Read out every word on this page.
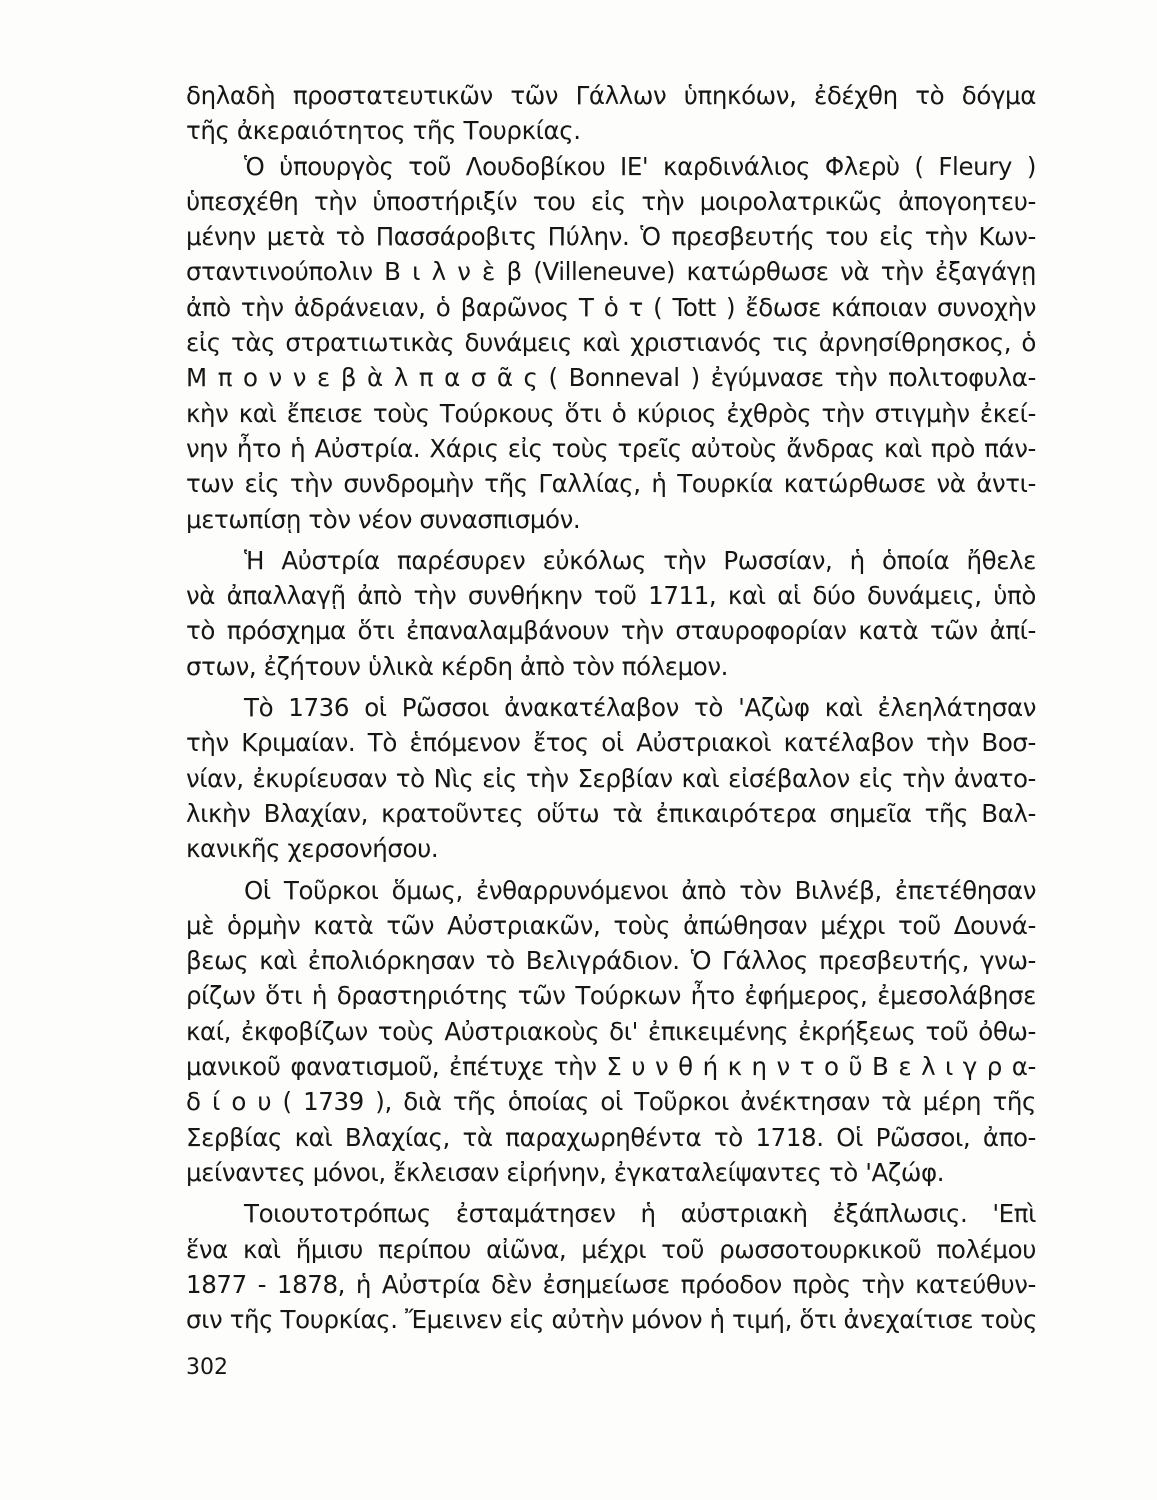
δηλαδὴ προστατευτικῶν τῶν Γάλλων ὑπηκόων, ἐδέχθη τὸ δόγμα
τῆς ἀκεραιότητος τῆς Τουρκίας.
Ὁ ὑπουργὸς τοῦ Λουδοβίκου ΙΕ' καρδινάλιος Φλερὺ ( Fleury )
ὑπεσχέθη τὴν ὑποστήριξίν του εἰς τὴν μοιρολατρικῶς ἀπογοητευ-
μένην μετὰ τὸ Πασσάροβιτς Πύλην. Ὁ πρεσβευτής του εἰς τὴν Κων-
σταντινούπολιν Β ι λ ν ὲ β (Villeneuve) κατώρθωσε νὰ τὴν ἐξαγάγῃ
ἀπὸ τὴν ἀδράνειαν, ὁ βαρῶνος Τ ὁ τ ( Tott ) ἔδωσε κάποιαν συνοχὴν
εἰς τὰς στρατιωτικὰς δυνάμεις καὶ χριστιανός τις ἀρνησίθρησκος, ὁ
Μ π ο ν ν ε β ὰ λ π α σ ᾶ ς ( Bonneval ) ἐγύμνασε τὴν πολιτοφυλα-
κὴν καὶ ἔπεισε τοὺς Τούρκους ὅτι ὁ κύριος ἐχθρὸς τὴν στιγμὴν ἐκεί-
νην ἦτο ἡ Αὐστρία. Χάρις εἰς τοὺς τρεῖς αὐτοὺς ἄνδρας καὶ πρὸ πάν-
των εἰς τὴν συνδρομὴν τῆς Γαλλίας, ἡ Τουρκία κατώρθωσε νὰ ἀντι-
μετωπίσῃ τὸν νέον συνασπισμόν.
Ἡ Αὐστρία παρέσυρεν εὐκόλως τὴν Ρωσσίαν, ἡ ὁποία ἤθελε
νὰ ἀπαλλαγῇ ἀπὸ τὴν συνθήκην τοῦ 1711, καὶ αἱ δύο δυνάμεις, ὑπὸ
τὸ πρόσχημα ὅτι ἐπαναλαμβάνουν τὴν σταυροφορίαν κατὰ τῶν ἀπί-
στων, ἐζήτουν ὑλικὰ κέρδη ἀπὸ τὸν πόλεμον.
Τὸ 1736 οἱ Ρῶσσοι ἀνακατέλαβον τὸ 'Αζὼφ καὶ ἐλεηλάτησαν
τὴν Κριμαίαν. Τὸ ἑπόμενον ἔτος οἱ Αὐστριακοὶ κατέλαβον τὴν Βοσ-
νίαν, ἐκυρίευσαν τὸ Νὶς εἰς τὴν Σερβίαν καὶ εἰσέβαλον εἰς τὴν ἀνατο-
λικὴν Βλαχίαν, κρατοῦντες οὕτω τὰ ἐπικαιρότερα σημεῖα τῆς Βαλ-
κανικῆς χερσονήσου.
Οἱ Τοῦρκοι ὅμως, ἐνθαρρυνόμενοι ἀπὸ τὸν Βιλνέβ, ἐπετέθησαν
μὲ ὁρμὴν κατὰ τῶν Αὐστριακῶν, τοὺς ἀπώθησαν μέχρι τοῦ Δουνά-
βεως καὶ ἐπολιόρκησαν τὸ Βελιγράδιον. Ὁ Γάλλος πρεσβευτής, γνω-
ρίζων ὅτι ἡ δραστηριότης τῶν Τούρκων ἦτο ἐφήμερος, ἐμεσολάβησε
καί, ἐκφοβίζων τοὺς Αὐστριακοὺς δι' ἐπικειμένης ἐκρήξεως τοῦ ὀθω-
μανικοῦ φανατισμοῦ, ἐπέτυχε τὴν Σ υ ν θ ή κ η ν τ ο ῦ Β ε λ ι γ ρ α-
δ ί ο υ ( 1739 ), διὰ τῆς ὁποίας οἱ Τοῦρκοι ἀνέκτησαν τὰ μέρη τῆς
Σερβίας καὶ Βλαχίας, τὰ παραχωρηθέντα τὸ 1718. Οἱ Ρῶσσοι, ἀπο-
μείναντες μόνοι, ἔκλεισαν εἰρήνην, ἐγκαταλείψαντες τὸ 'Αζώφ.
Τοιουτοτρόπως ἐσταμάτησεν ἡ αὐστριακὴ ἐξάπλωσις. 'Επὶ
ἕνα καὶ ἥμισυ περίπου αἰῶνα, μέχρι τοῦ ρωσσοτουρκικοῦ πολέμου
1877 - 1878, ἡ Αὐστρία δὲν ἐσημείωσε πρόοδον πρὸς τὴν κατεύθυν-
σιν τῆς Τουρκίας. Ἔμεινεν εἰς αὐτὴν μόνον ἡ τιμή, ὅτι ἀνεχαίτισε τοὺς
302
